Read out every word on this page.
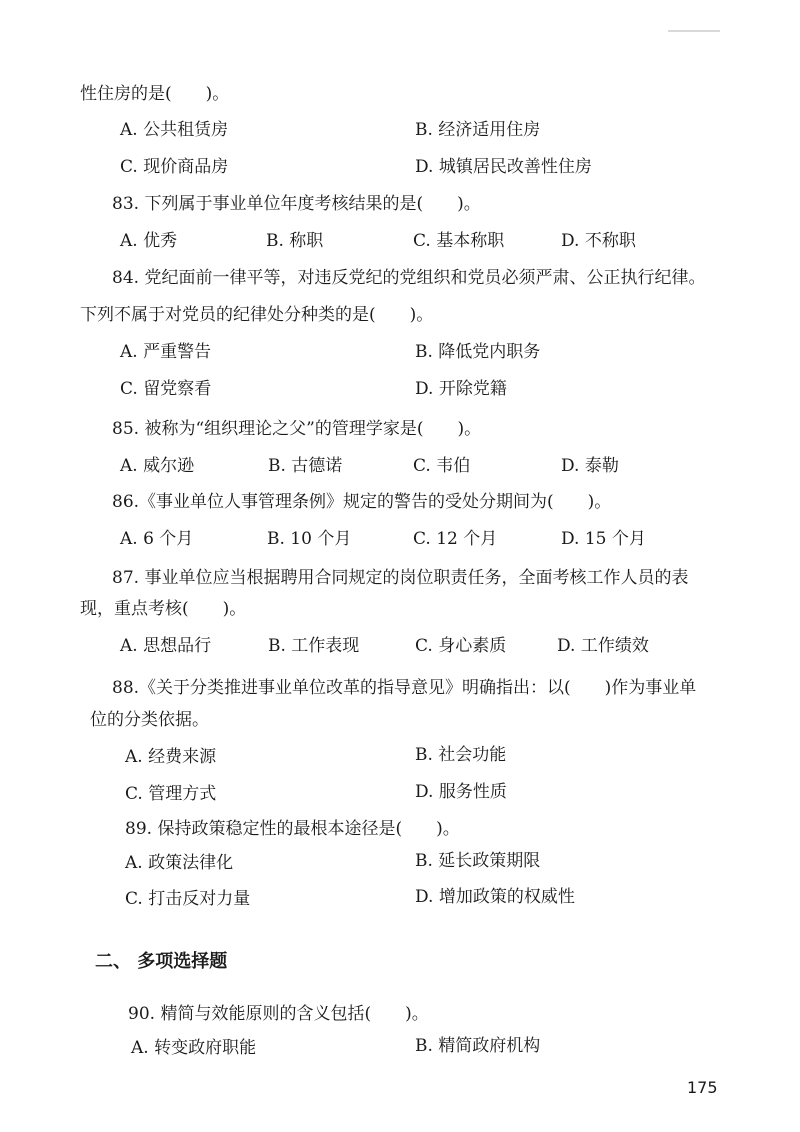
性住房的是(　　)。
A. 公共租赁房	B. 经济适用住房
C. 现价商品房	D. 城镇居民改善性住房
83. 下列属于事业单位年度考核结果的是(　　)。
A. 优秀	B. 称职	C. 基本称职	D. 不称职
84. 党纪面前一律平等，对违反党纪的党组织和党员必须严肃、公正执行纪律。
下列不属于对党员的纪律处分种类的是(　　)。
A. 严重警告	B. 降低党内职务
C. 留党察看	D. 开除党籍
85. 被称为“组织理论之父”的管理学家是(　　)。
A. 威尔逊	B. 古德诺	C. 韦伯	D. 泰勒
86.《事业单位人事管理条例》规定的警告的受处分期间为(　　)。
A. 6 个月	B. 10 个月	C. 12 个月	D. 15 个月
87. 事业单位应当根据聘用合同规定的岗位职责任务，全面考核工作人员的表
现，重点考核(　　)。
A. 思想品行	B. 工作表现	C. 身心素质	D. 工作绩效
88.《关于分类推进事业单位改革的指导意见》明确指出：以(　　)作为事业单
位的分类依据。
A. 经费来源	B. 社会功能
C. 管理方式	D. 服务性质
89. 保持政策稳定性的最根本途径是(　　)。
A. 政策法律化	B. 延长政策期限
C. 打击反对力量	D. 增加政策的权威性
二、 多项选择题
90. 精简与效能原则的含义包括(　　)。
A. 转变政府职能	B. 精简政府机构
175
